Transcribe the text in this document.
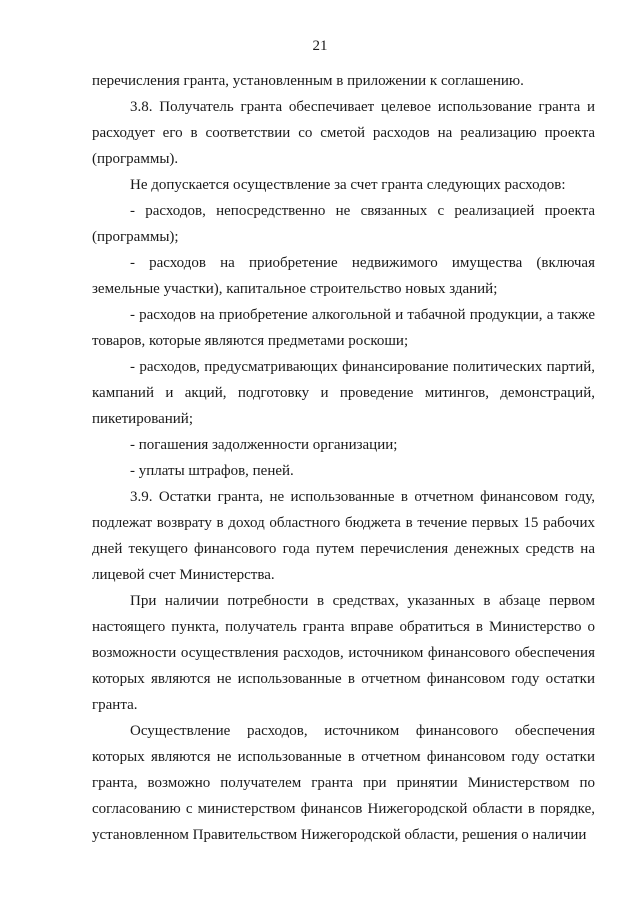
21

перечисления гранта, установленным в приложении к соглашению.

3.8. Получатель гранта обеспечивает целевое использование гранта и расходует его в соответствии со сметой расходов на реализацию проекта (программы).

Не допускается осуществление за счет гранта следующих расходов:

- расходов, непосредственно не связанных с реализацией проекта (программы);

- расходов на приобретение недвижимого имущества (включая земельные участки), капитальное строительство новых зданий;

- расходов на приобретение алкогольной и табачной продукции, а также товаров, которые являются предметами роскоши;

- расходов, предусматривающих финансирование политических партий, кампаний и акций, подготовку и проведение митингов, демонстраций, пикетирований;

- погашения задолженности организации;

- уплаты штрафов, пеней.

3.9. Остатки гранта, не использованные в отчетном финансовом году, подлежат возврату в доход областного бюджета в течение первых 15 рабочих дней текущего финансового года путем перечисления денежных средств на лицевой счет Министерства.

При наличии потребности в средствах, указанных в абзаце первом настоящего пункта, получатель гранта вправе обратиться в Министерство о возможности осуществления расходов, источником финансового обеспечения которых являются не использованные в отчетном финансовом году остатки гранта.

Осуществление расходов, источником финансового обеспечения которых являются не использованные в отчетном финансовом году остатки гранта, возможно получателем гранта при принятии Министерством по согласованию с министерством финансов Нижегородской области в порядке, установленном Правительством Нижегородской области, решения о наличии
